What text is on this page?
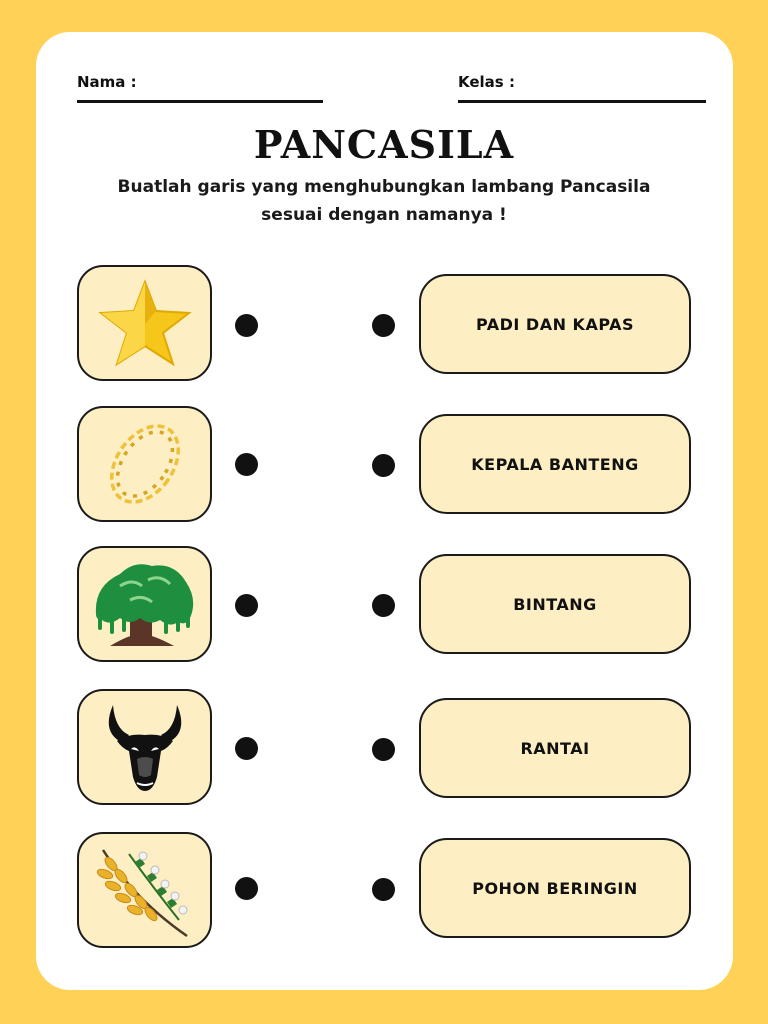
Nama :	Kelas :
PANCASILA
Buatlah garis yang menghubungkan lambang Pancasila
sesuai dengan namanya !
PADI DAN KAPAS
KEPALA BANTENG
BINTANG
RANTAI
POHON BERINGIN
